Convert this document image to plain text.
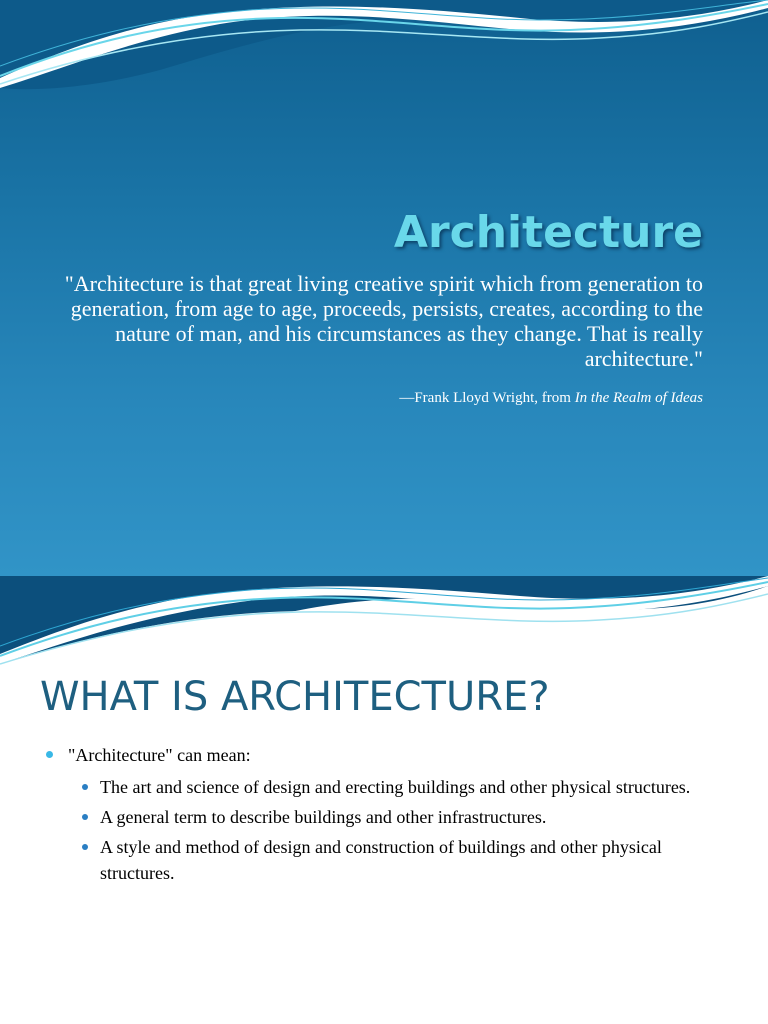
Architecture

"Architecture is that great living creative spirit which from generation to generation, from age to age, proceeds, persists, creates, according to the nature of man, and his circumstances as they change. That is really architecture."

—Frank Lloyd Wright, from In the Realm of Ideas

WHAT IS ARCHITECTURE?
"Architecture" can mean:
The art and science of design and erecting buildings and other physical structures.
A general term to describe buildings and other infrastructures.
A style and method of design and construction of buildings and other physical structures.
